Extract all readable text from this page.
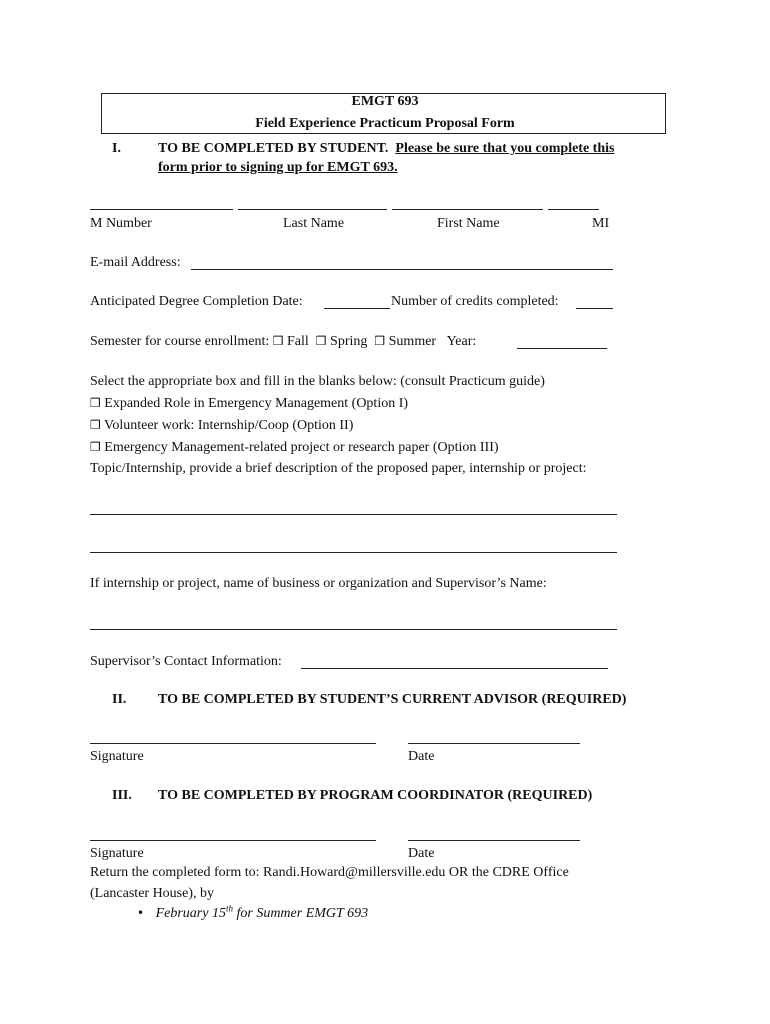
EMGT 693
Field Experience Practicum Proposal Form
I.	TO BE COMPLETED BY STUDENT. Please be sure that you complete this
form prior to signing up for EMGT 693.
M Number	Last Name	First Name	MI
E-mail Address:
Anticipated Degree Completion Date:	Number of credits completed:
Semester for course enrollment: ❒ Fall ❒ Spring ❒ Summer Year:
Select the appropriate box and fill in the blanks below: (consult Practicum guide)
❒ Expanded Role in Emergency Management (Option I)
❒ Volunteer work: Internship/Coop (Option II)
❒ Emergency Management-related project or research paper (Option III)
Topic/Internship, provide a brief description of the proposed paper, internship or project:
If internship or project, name of business or organization and Supervisor’s Name:
Supervisor’s Contact Information:
II. TO BE COMPLETED BY STUDENT’S CURRENT ADVISOR (REQUIRED)
Signature	Date
III. TO BE COMPLETED BY PROGRAM COORDINATOR (REQUIRED)
Signature	Date
Return the completed form to: Randi.Howard@millersville.edu OR the CDRE Office
(Lancaster House), by
• February 15th for Summer EMGT 693
